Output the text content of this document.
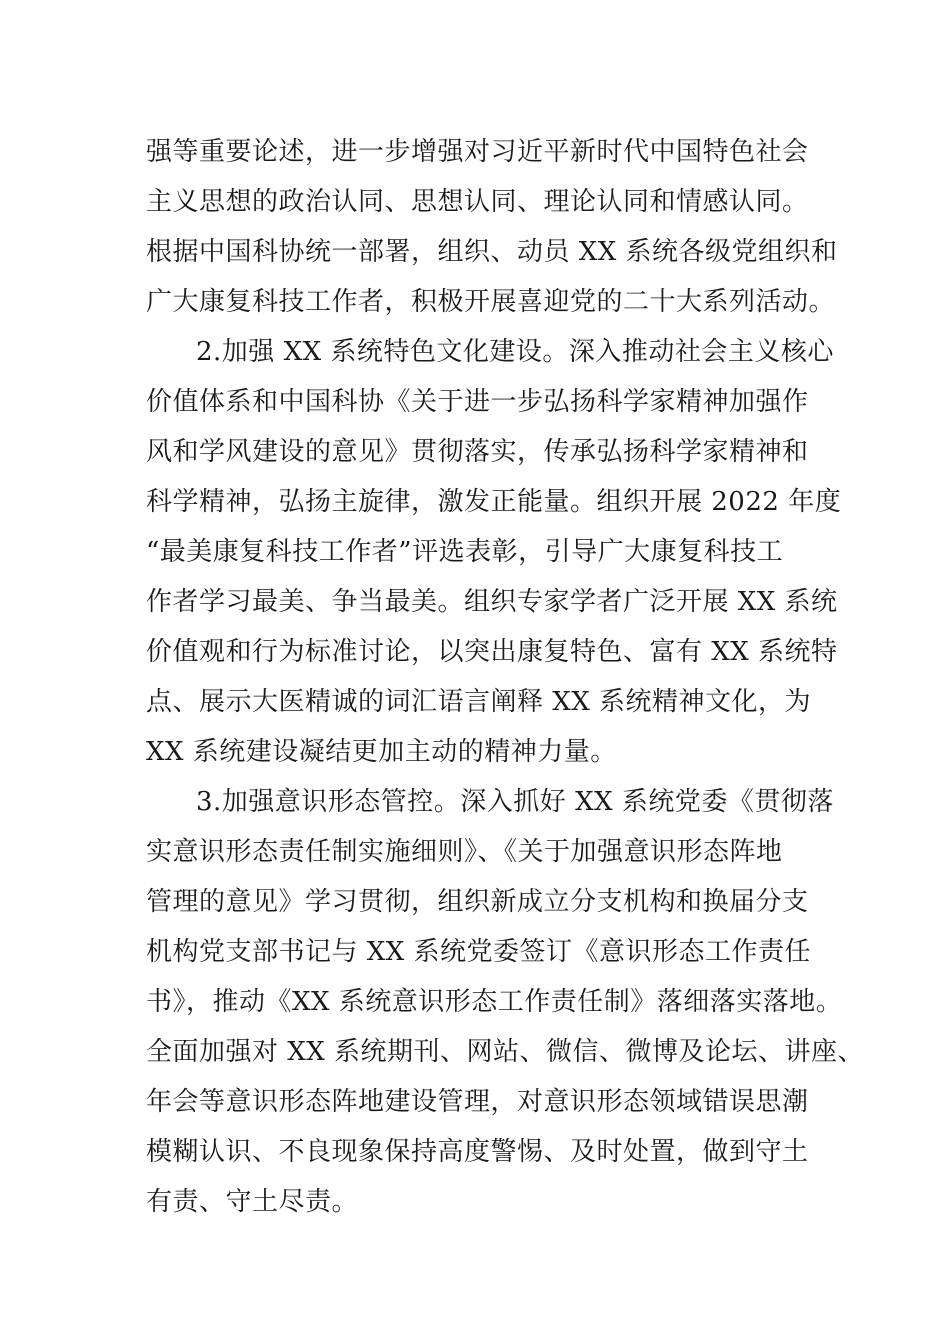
强等重要论述，进一步增强对习近平新时代中国特色社会

主义思想的政治认同、思想认同、理论认同和情感认同。

根据中国科协统一部署，组织、动员 XX 系统各级党组织和

广大康复科技工作者，积极开展喜迎党的二十大系列活动。

2.加强 XX 系统特色文化建设。深入推动社会主义核心

价值体系和中国科协《关于进一步弘扬科学家精神加强作

风和学风建设的意见》贯彻落实，传承弘扬科学家精神和

科学精神，弘扬主旋律，激发正能量。组织开展 2022 年度

“最美康复科技工作者”评选表彰，引导广大康复科技工

作者学习最美、争当最美。组织专家学者广泛开展 XX 系统

价值观和行为标准讨论，以突出康复特色、富有 XX 系统特

点、展示大医精诚的词汇语言阐释 XX 系统精神文化，为

XX 系统建设凝结更加主动的精神力量。

3.加强意识形态管控。深入抓好 XX 系统党委《贯彻落

实意识形态责任制实施细则》、《关于加强意识形态阵地

管理的意见》学习贯彻，组织新成立分支机构和换届分支

机构党支部书记与 XX 系统党委签订《意识形态工作责任

书》，推动《XX 系统意识形态工作责任制》落细落实落地。

全面加强对 XX 系统期刊、网站、微信、微博及论坛、讲座、

年会等意识形态阵地建设管理，对意识形态领域错误思潮

模糊认识、不良现象保持高度警惕、及时处置，做到守土

有责、守土尽责。
